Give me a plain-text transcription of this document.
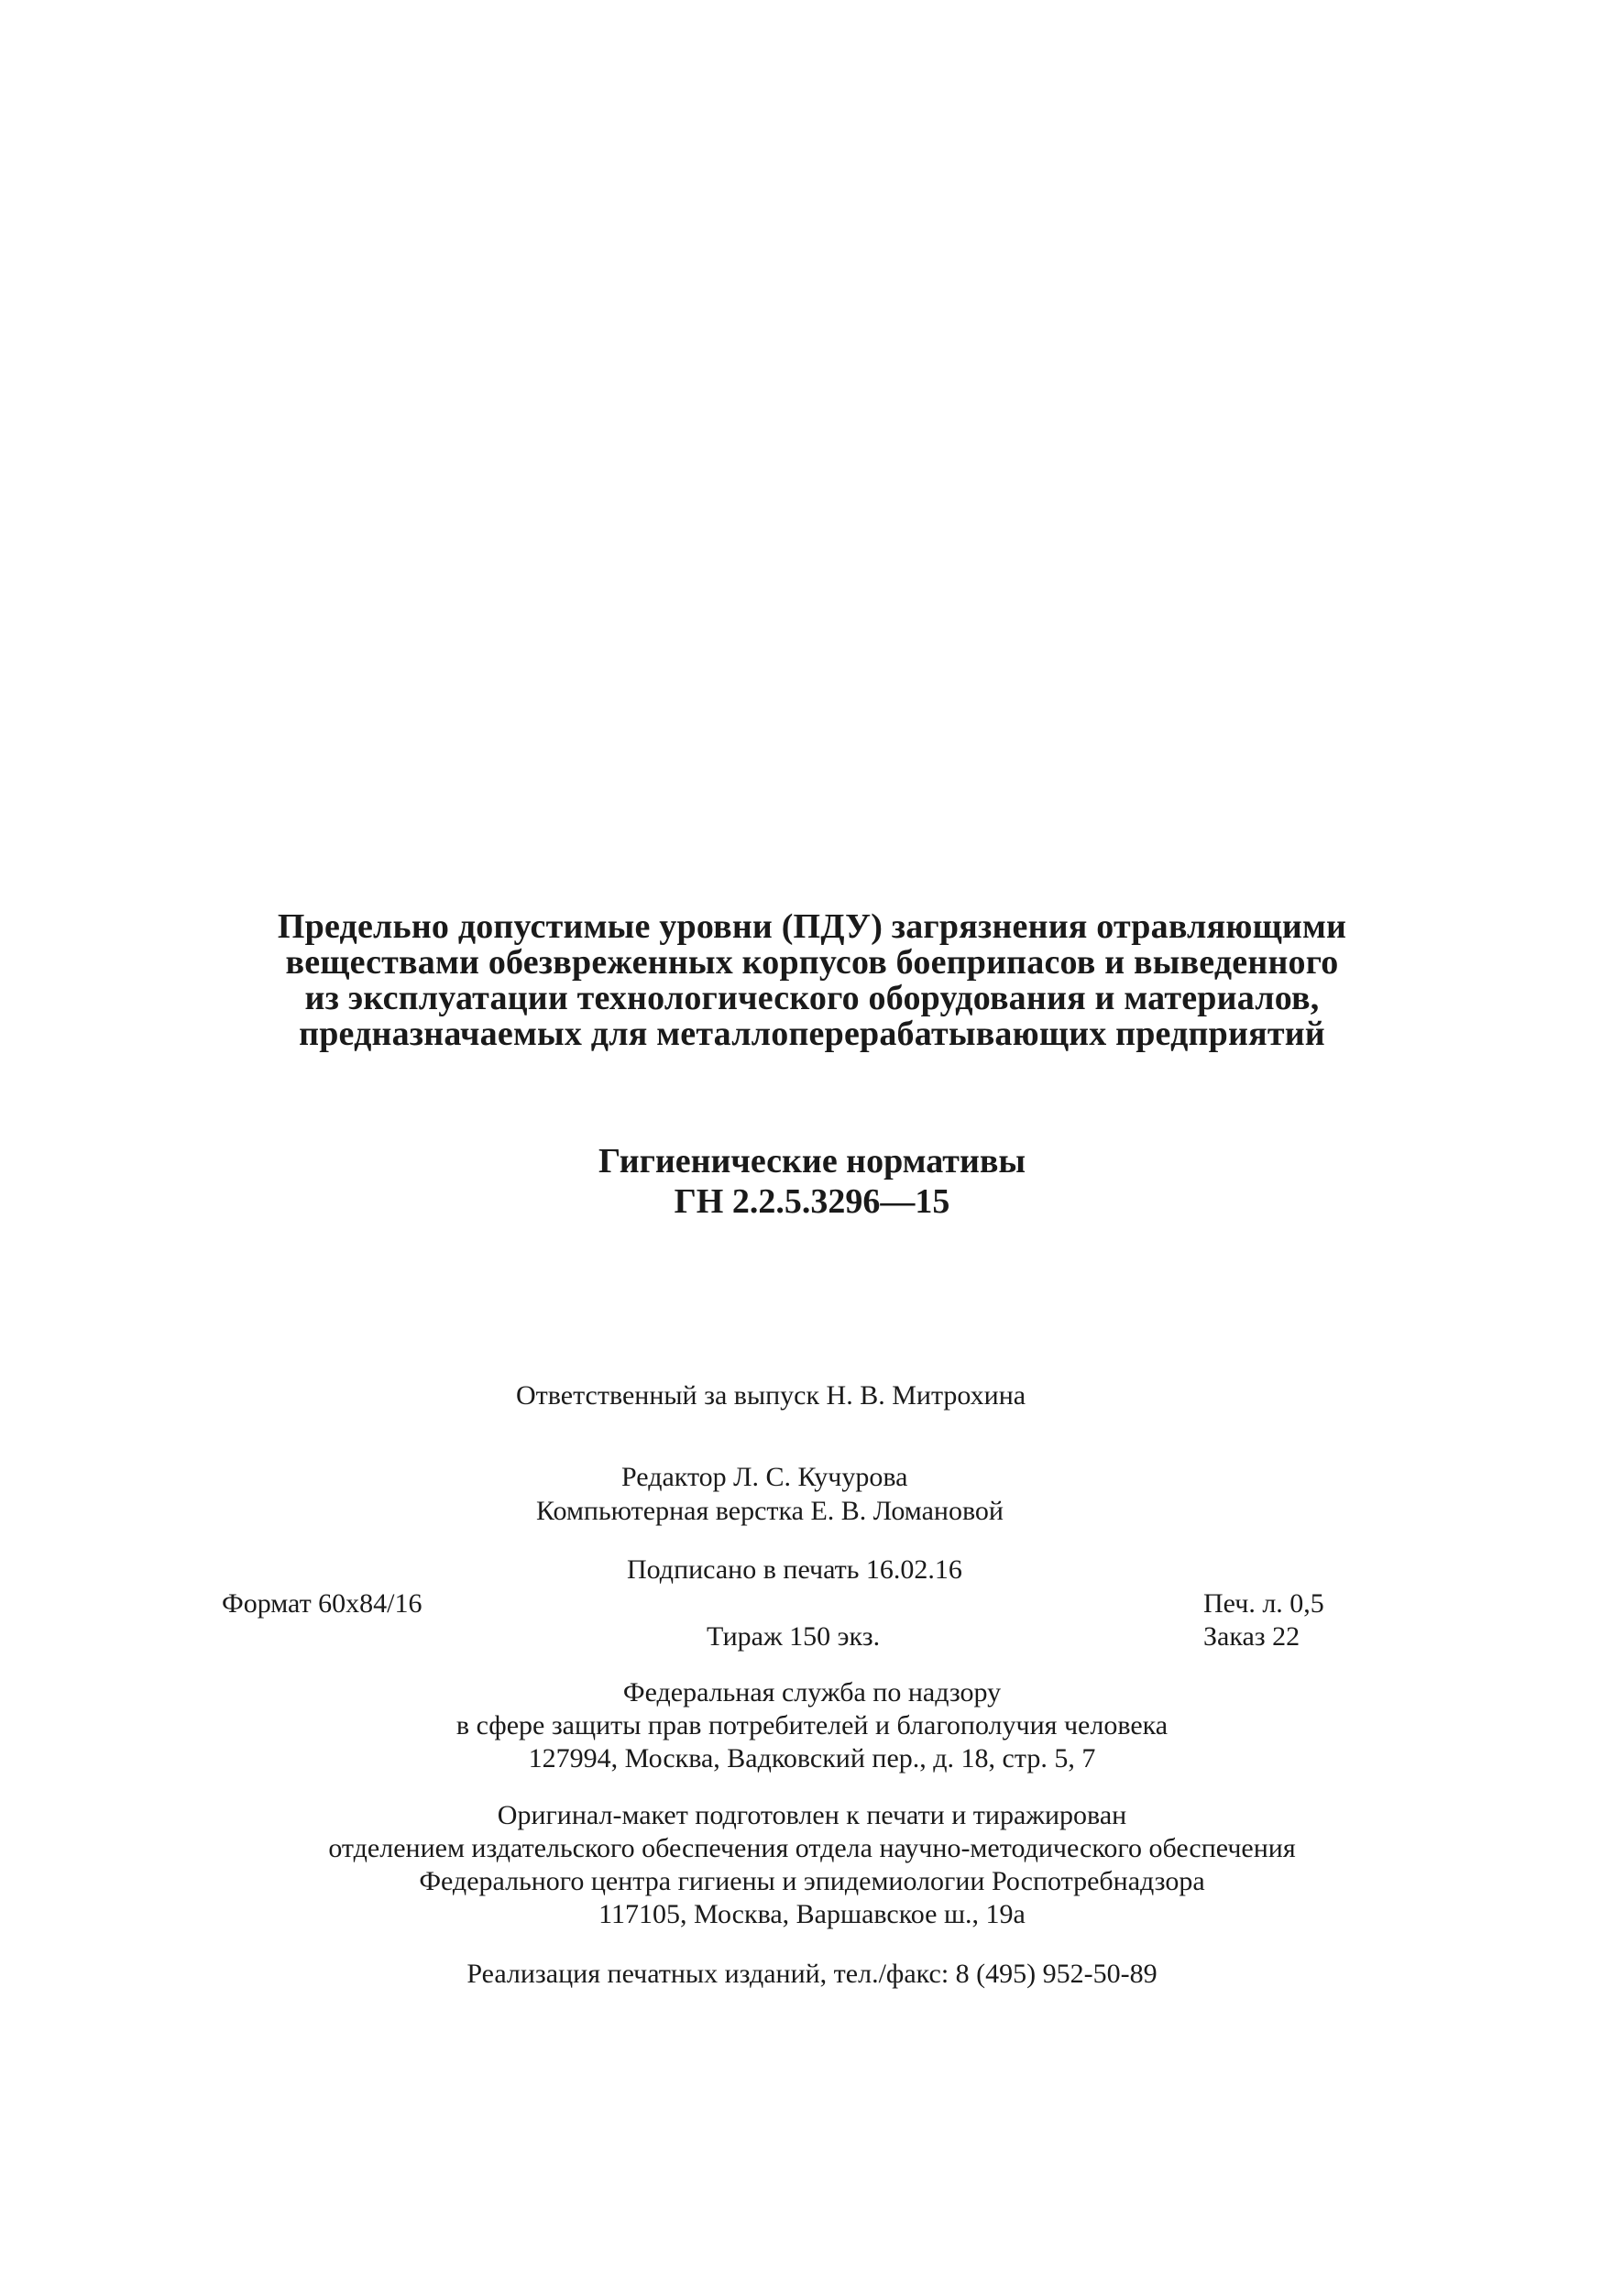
Предельно допустимые уровни (ПДУ) загрязнения отравляющими
веществами обезвреженных корпусов боеприпасов и выведенного
из эксплуатации технологического оборудования и материалов,
предназначаемых для металлоперерабатывающих предприятий
Гигиенические нормативы
ГН 2.2.5.3296—15
Ответственный за выпуск Н. В. Митрохина
Редактор Л. С. Кучурова
Компьютерная верстка Е. В. Ломановой
Подписано в печать 16.02.16
Формат 60х84/16	Печ. л. 0,5
Тираж 150 экз.	Заказ 22
Федеральная служба по надзору
в сфере защиты прав потребителей и благополучия человека
127994, Москва, Вадковский пер., д. 18, стр. 5, 7
Оригинал-макет подготовлен к печати и тиражирован
отделением издательского обеспечения отдела научно-методического обеспечения
Федерального центра гигиены и эпидемиологии Роспотребнадзора
117105, Москва, Варшавское ш., 19а
Реализация печатных изданий, тел./факс: 8 (495) 952-50-89
